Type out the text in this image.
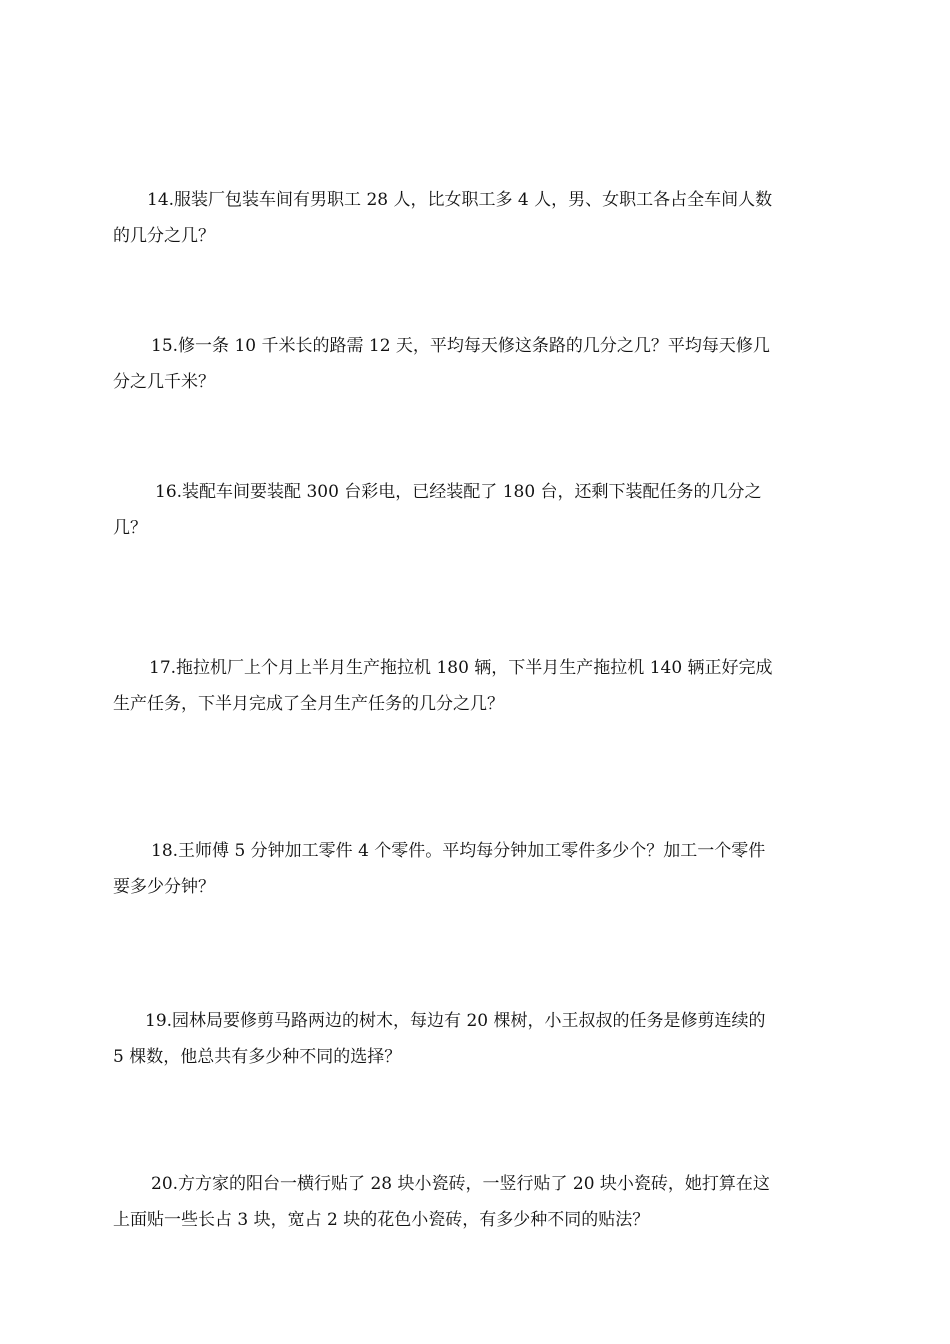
14.服装厂包装车间有男职工 28 人，比女职工多 4 人，男、女职工各占全车间人数
的几分之几？

15.修一条 10 千米长的路需 12 天，平均每天修这条路的几分之几？平均每天修几
分之几千米？

16.装配车间要装配 300 台彩电，已经装配了 180 台，还剩下装配任务的几分之
几？

17.拖拉机厂上个月上半月生产拖拉机 180 辆，下半月生产拖拉机 140 辆正好完成
生产任务，下半月完成了全月生产任务的几分之几？

18.王师傅 5 分钟加工零件 4 个零件。平均每分钟加工零件多少个？加工一个零件
要多少分钟？

19.园林局要修剪马路两边的树木，每边有 20 棵树，小王叔叔的任务是修剪连续的
5 棵数，他总共有多少种不同的选择？

20.方方家的阳台一横行贴了 28 块小瓷砖，一竖行贴了 20 块小瓷砖，她打算在这
上面贴一些长占 3 块，宽占 2 块的花色小瓷砖，有多少种不同的贴法？
